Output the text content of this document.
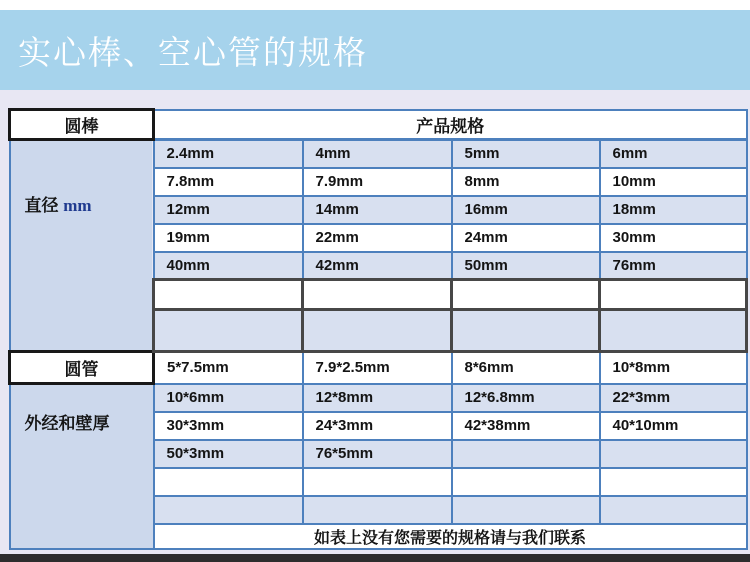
实心棒、空心管的规格
圆棒	产品规格			
直径 mm	2.4mm	4mm	5mm	6mm
	7.8mm	7.9mm	8mm	10mm
	12mm	14mm	16mm	18mm
	19mm	22mm	24mm	30mm
	40mm	42mm	50mm	76mm

圆管	5*7.5mm	7.9*2.5mm	8*6mm	10*8mm
外经和壁厚	10*6mm	12*8mm	12*6.8mm	22*3mm
	30*3mm	24*3mm	42*38mm	40*10mm
	50*3mm	76*5mm		

	如表上没有您需要的规格请与我们联系			
